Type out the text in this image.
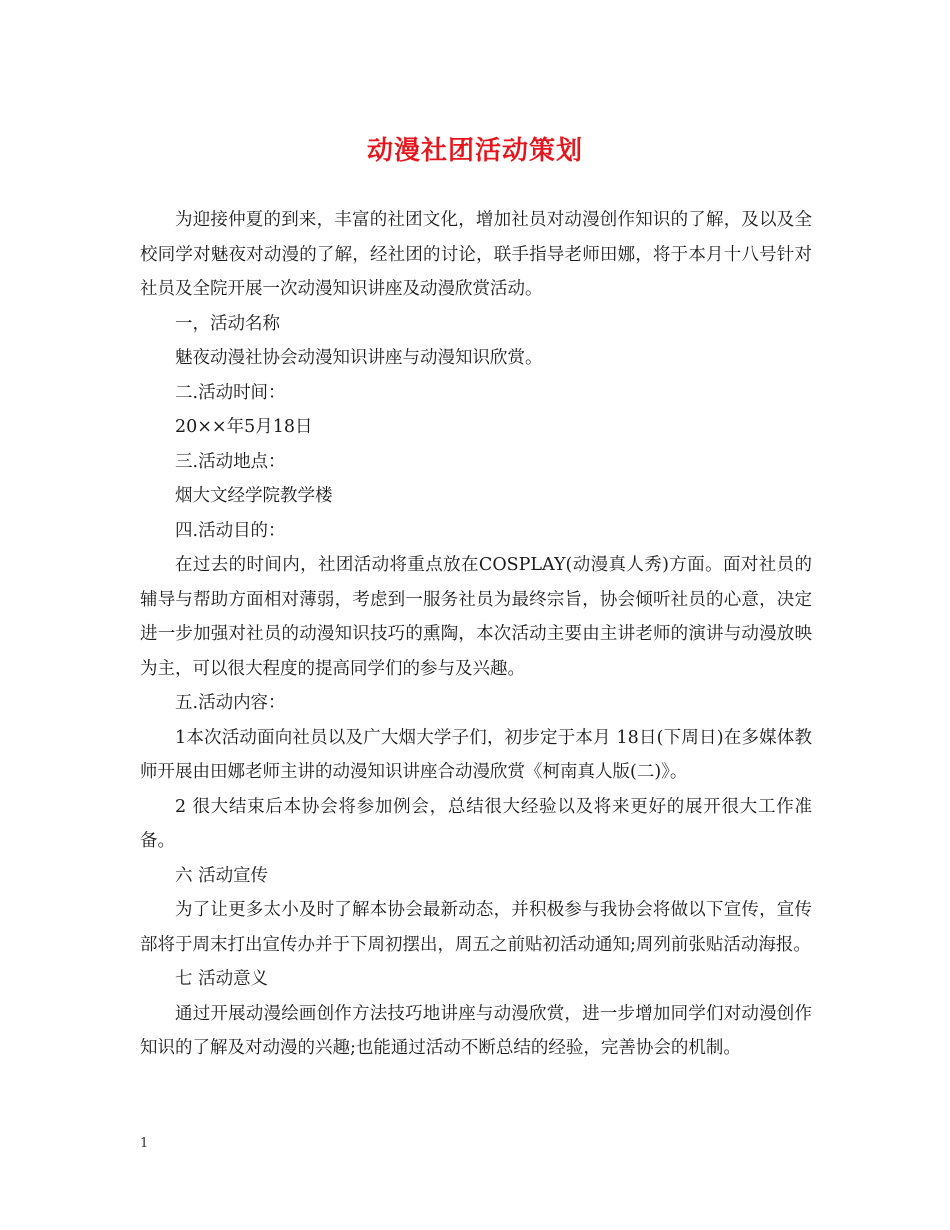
动漫社团活动策划

为迎接仲夏的到来，丰富的社团文化，增加社员对动漫创作知识的了解，及以及全校同学对魅夜对动漫的了解，经社团的讨论，联手指导老师田娜，将于本月十八号针对社员及全院开展一次动漫知识讲座及动漫欣赏活动。

一，活动名称

魅夜动漫社协会动漫知识讲座与动漫知识欣赏。

二.活动时间：

20××年5月18日

三.活动地点：

烟大文经学院教学楼

四.活动目的：

在过去的时间内，社团活动将重点放在COSPLAY(动漫真人秀)方面。面对社员的辅导与帮助方面相对薄弱，考虑到一服务社员为最终宗旨，协会倾听社员的心意，决定进一步加强对社员的动漫知识技巧的熏陶，本次活动主要由主讲老师的演讲与动漫放映为主，可以很大程度的提高同学们的参与及兴趣。

五.活动内容：

1本次活动面向社员以及广大烟大学子们，初步定于本月 18日(下周日)在多媒体教师开展由田娜老师主讲的动漫知识讲座合动漫欣赏《柯南真人版(二)》。

2 很大结束后本协会将参加例会，总结很大经验以及将来更好的展开很大工作准备。

六 活动宣传

为了让更多太小及时了解本协会最新动态，并积极参与我协会将做以下宣传，宣传部将于周末打出宣传办并于下周初摆出，周五之前贴初活动通知;周列前张贴活动海报。

七 活动意义

通过开展动漫绘画创作方法技巧地讲座与动漫欣赏，进一步增加同学们对动漫创作知识的了解及对动漫的兴趣;也能通过活动不断总结的经验，完善协会的机制。

1
